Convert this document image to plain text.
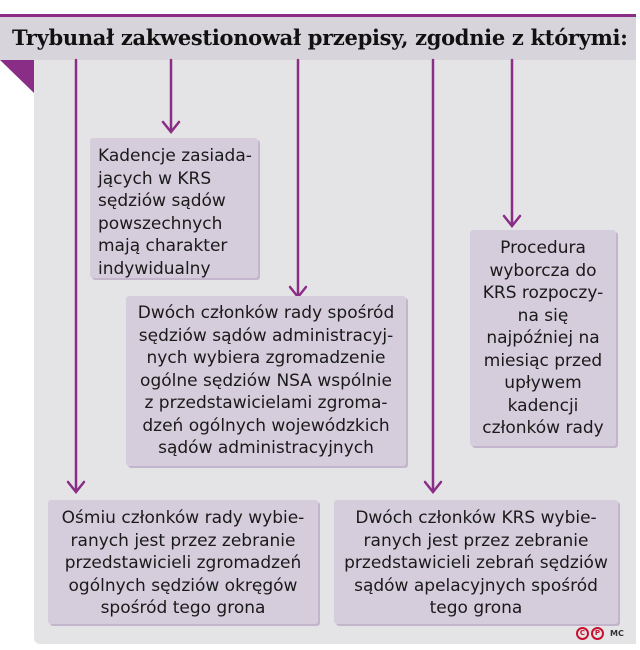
Trybunał zakwestionował przepisy, zgodnie z którymi:
Kadencje zasiada-
jących w KRS
sędziów sądów
powszechnych
mają charakter
indywidualny
Dwóch członków rady spośród
sędziów sądów administracyj-
nych wybiera zgromadzenie
ogólne sędziów NSA wspólnie
z przedstawicielami zgroma-
dzeń ogólnych wojewódzkich
sądów administracyjnych
Procedura
wyborcza do
KRS rozpoczy-
na się
najpóźniej na
miesiąc przed
upływem
kadencji
członków rady
Ośmiu członków rady wybie-
ranych jest przez zebranie
przedstawicieli zgromadzeń
ogólnych sędziów okręgów
spośród tego grona
Dwóch członków KRS wybie-
ranych jest przez zebranie
przedstawicieli zebrań sędziów
sądów apelacyjnych spośród
tego grona
C	P	MC
